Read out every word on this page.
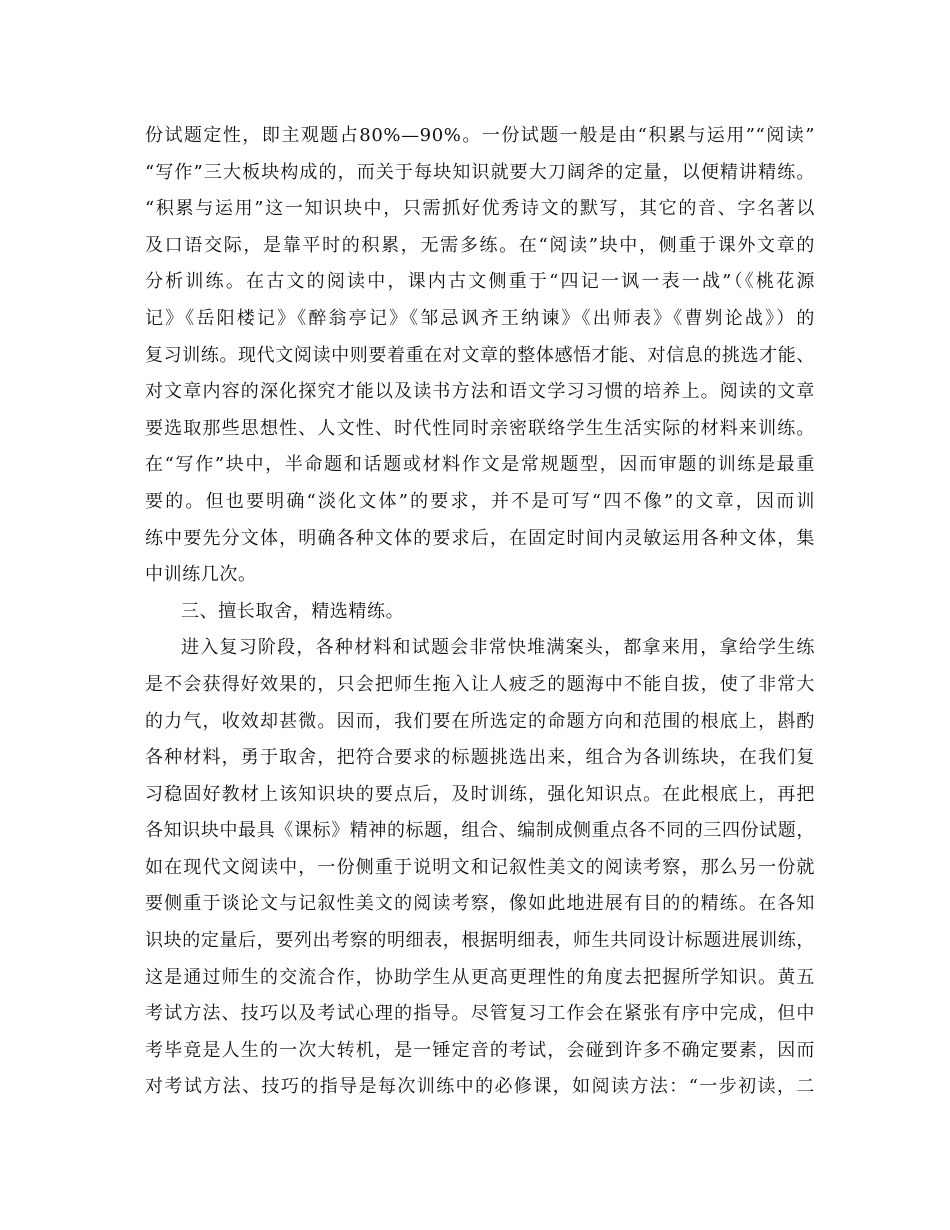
份试题定性，即主观题占80%—90%。一份试题一般是由“积累与运用”“阅读”
“写作”三大板块构成的，而关于每块知识就要大刀阔斧的定量，以便精讲精练。
“积累与运用”这一知识块中，只需抓好优秀诗文的默写，其它的音、字名著以
及口语交际，是靠平时的积累，无需多练。在“阅读”块中，侧重于课外文章的
分析训练。在古文的阅读中，课内古文侧重于“四记一讽一表一战”（《桃花源
记》《岳阳楼记》《醉翁亭记》《邹忌讽齐王纳谏》《出师表》《曹刿论战》）的
复习训练。现代文阅读中则要着重在对文章的整体感悟才能、对信息的挑选才能、
对文章内容的深化探究才能以及读书方法和语文学习习惯的培养上。阅读的文章
要选取那些思想性、人文性、时代性同时亲密联络学生生活实际的材料来训练。
在“写作”块中，半命题和话题或材料作文是常规题型，因而审题的训练是最重
要的。但也要明确“淡化文体”的要求，并不是可写“四不像”的文章，因而训
练中要先分文体，明确各种文体的要求后，在固定时间内灵敏运用各种文体，集
中训练几次。
三、擅长取舍，精选精练。
进入复习阶段，各种材料和试题会非常快堆满案头，都拿来用，拿给学生练
是不会获得好效果的，只会把师生拖入让人疲乏的题海中不能自拔，使了非常大
的力气，收效却甚微。因而，我们要在所选定的命题方向和范围的根底上，斟酌
各种材料，勇于取舍，把符合要求的标题挑选出来，组合为各训练块，在我们复
习稳固好教材上该知识块的要点后，及时训练，强化知识点。在此根底上，再把
各知识块中最具《课标》精神的标题，组合、编制成侧重点各不同的三四份试题，
如在现代文阅读中，一份侧重于说明文和记叙性美文的阅读考察，那么另一份就
要侧重于谈论文与记叙性美文的阅读考察，像如此地进展有目的的精练。在各知
识块的定量后，要列出考察的明细表，根据明细表，师生共同设计标题进展训练，
这是通过师生的交流合作，协助学生从更高更理性的角度去把握所学知识。黄五
考试方法、技巧以及考试心理的指导。尽管复习工作会在紧张有序中完成，但中
考毕竟是人生的一次大转机，是一锤定音的考试，会碰到许多不确定要素，因而
对考试方法、技巧的指导是每次训练中的必修课，如阅读方法：“一步初读，二
